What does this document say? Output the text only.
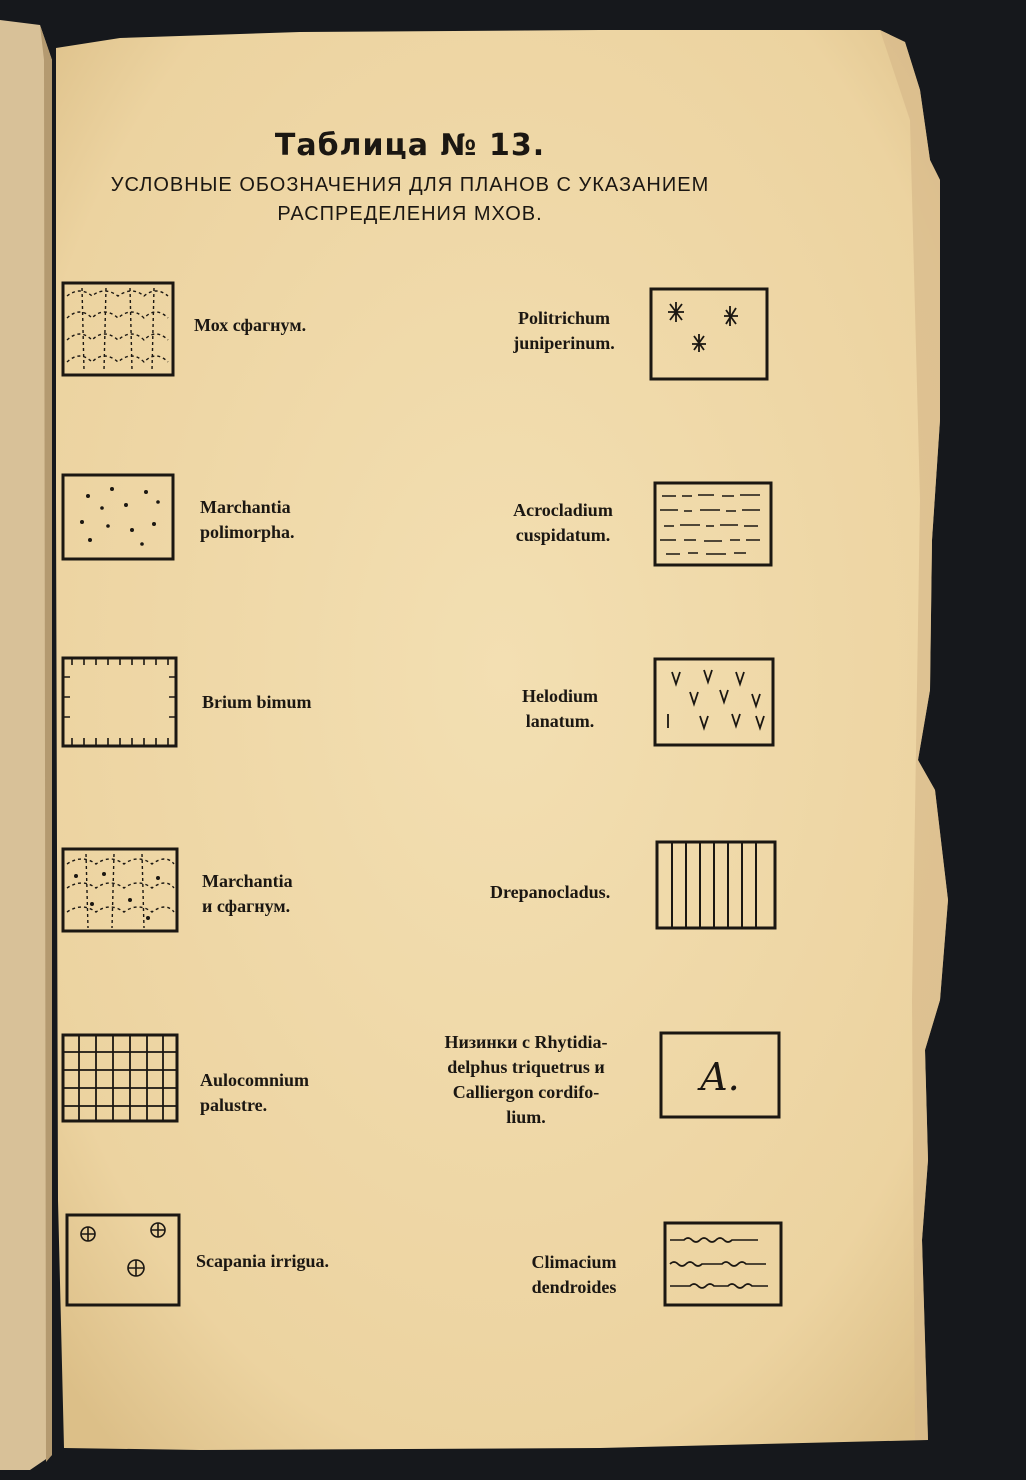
Таблица № 13.
УСЛОВНЫЕ ОБОЗНАЧЕНИЯ ДЛЯ ПЛАНОВ С УКАЗАНИЕМ
РАСПРЕДЕЛЕНИЯ МХОВ.
Мох сфагнум.
Marchantia
polimorpha.
Brium bimum
Marchantia
и сфагнум.
Aulocomnium
palustre.
Scapania irrigua.
Politrichum
juniperinum.
Acrocladium
cuspidatum.
Helodium
lanatum.
Drepanocladus.
Низинки с Rhytidia-
delphus triquetrus и
Calliergon cordifo-
lium.
A.
Climacium
dendroides
